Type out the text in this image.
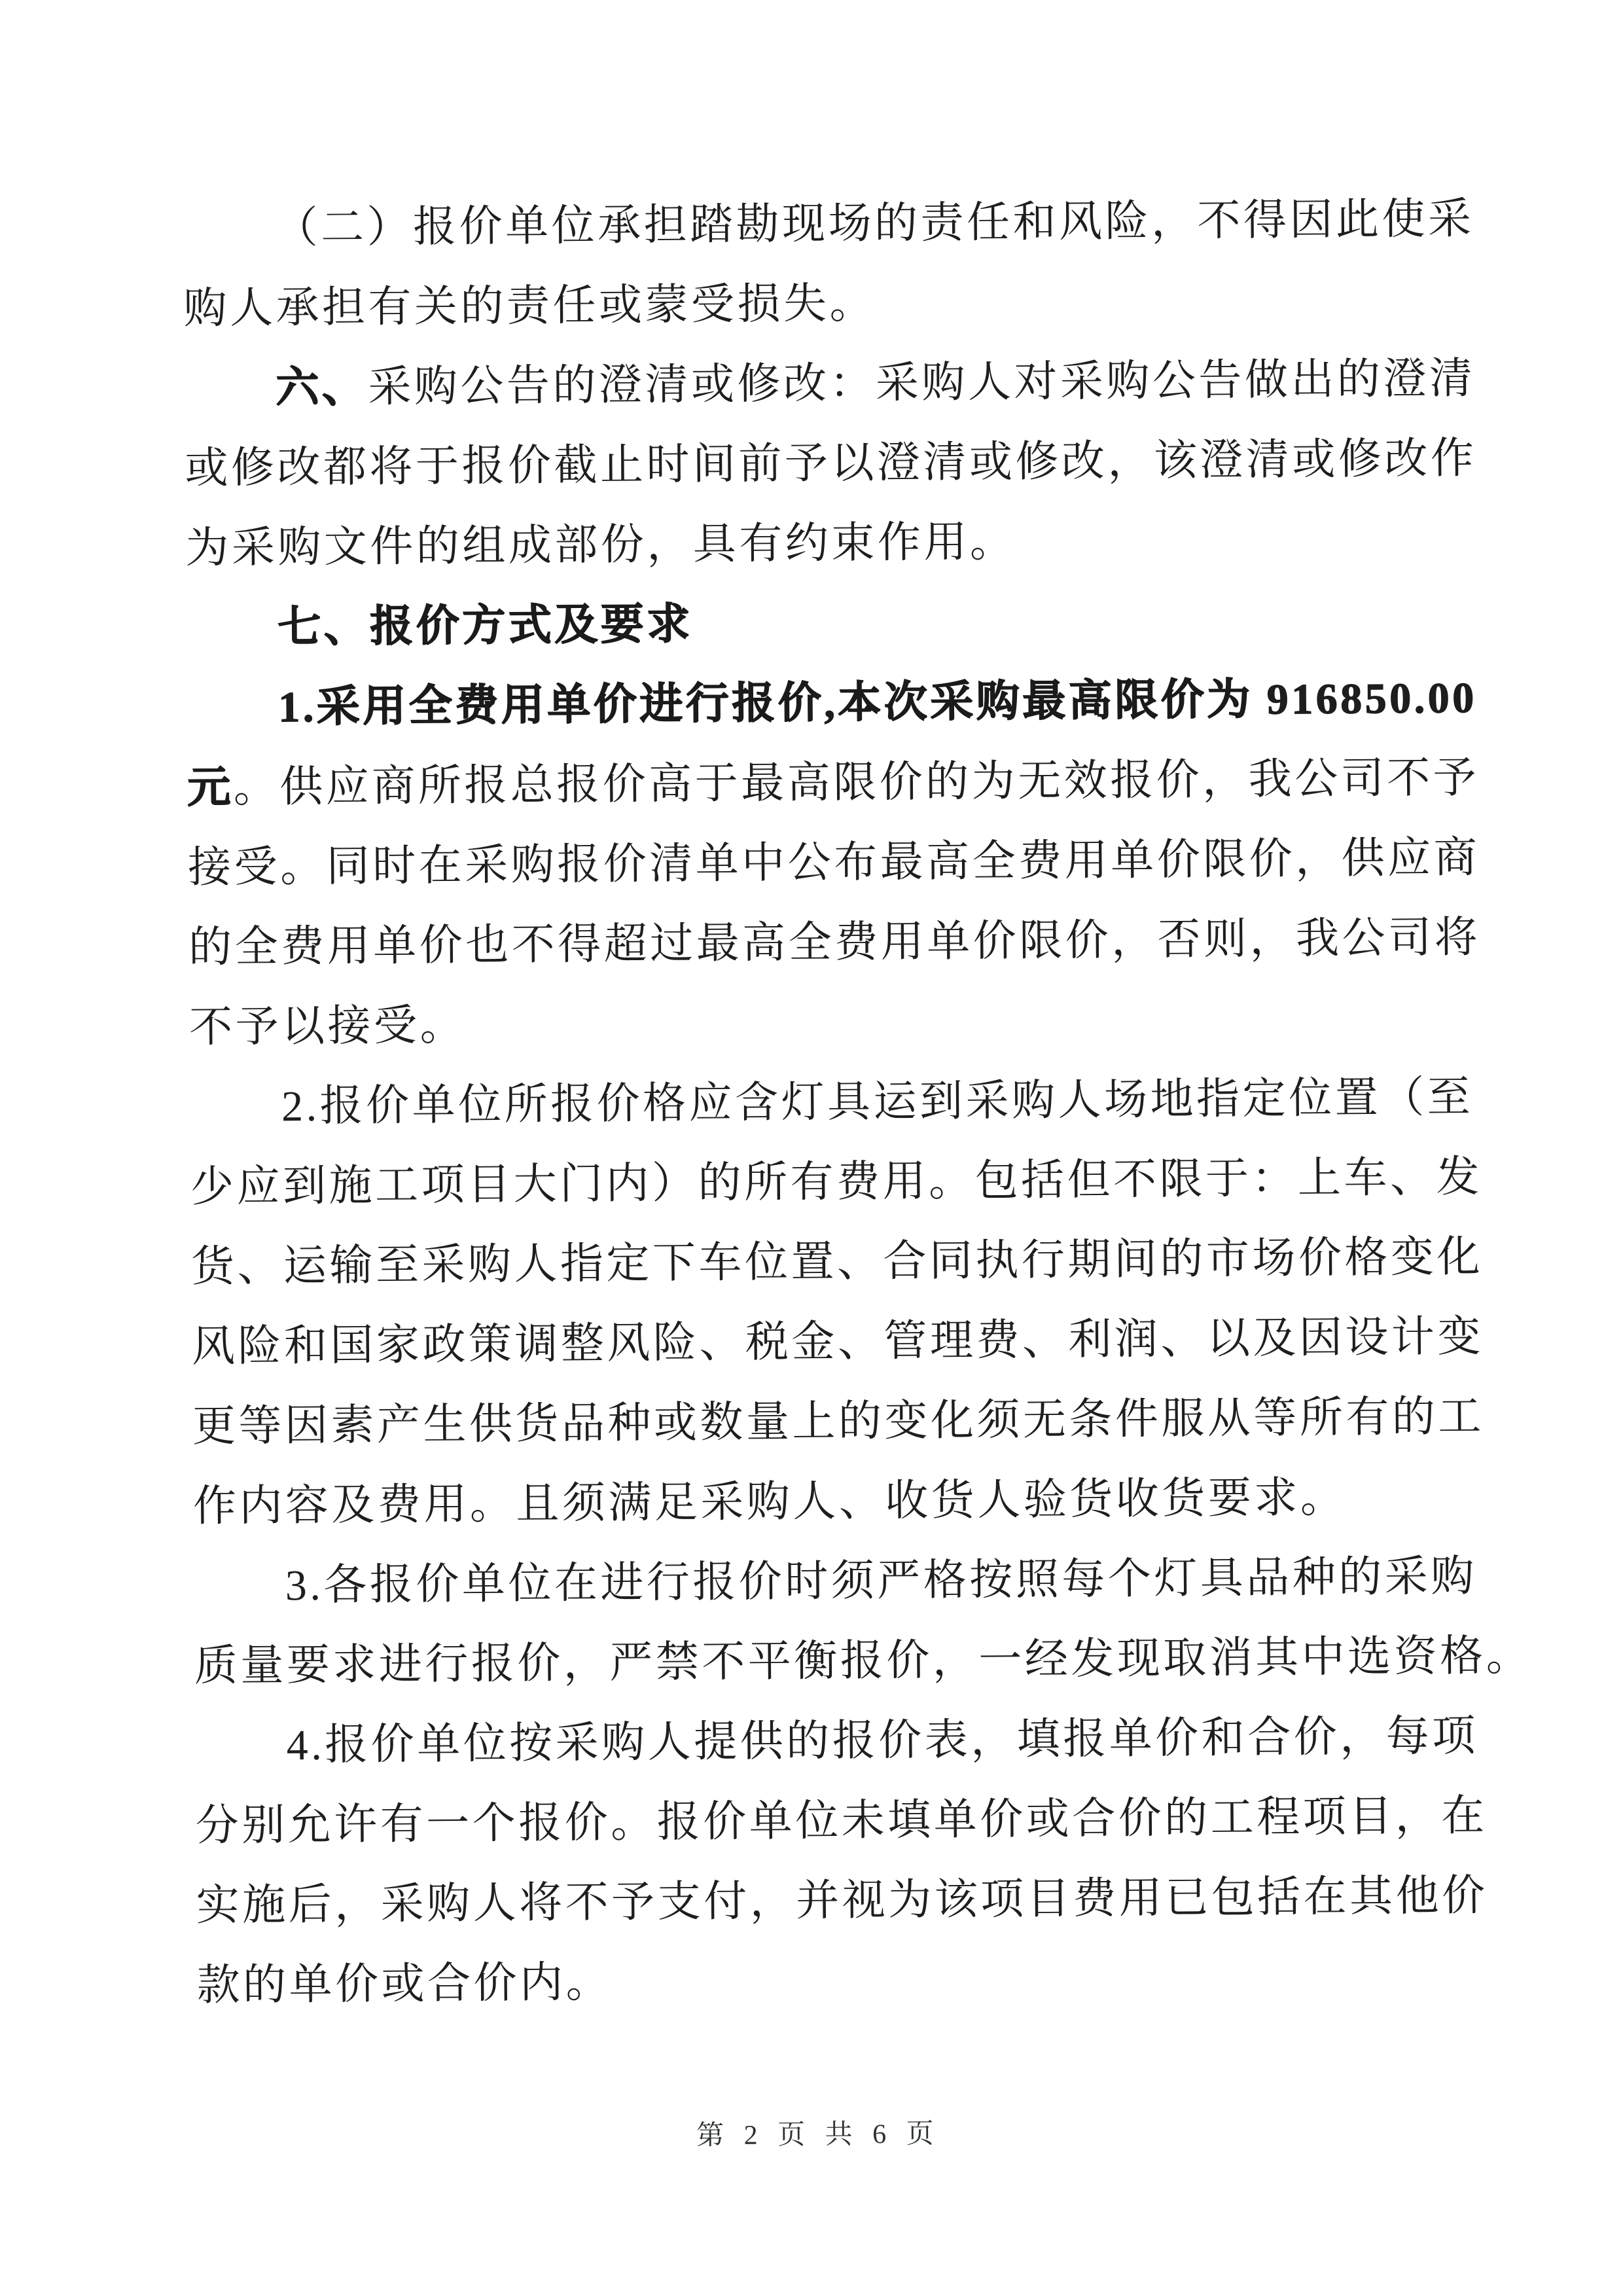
（二）报价单位承担踏勘现场的责任和风险，不得因此使采
购人承担有关的责任或蒙受损失。
六、采购公告的澄清或修改：采购人对采购公告做出的澄清
或修改都将于报价截止时间前予以澄清或修改，该澄清或修改作
为采购文件的组成部份，具有约束作用。
七、报价方式及要求
1.采用全费用单价进行报价,本次采购最高限价为 916850.00
元。供应商所报总报价高于最高限价的为无效报价，我公司不予
接受。同时在采购报价清单中公布最高全费用单价限价，供应商
的全费用单价也不得超过最高全费用单价限价，否则，我公司将
不予以接受。
2.报价单位所报价格应含灯具运到采购人场地指定位置（至
少应到施工项目大门内）的所有费用。包括但不限于：上车、发
货、运输至采购人指定下车位置、合同执行期间的市场价格变化
风险和国家政策调整风险、税金、管理费、利润、以及因设计变
更等因素产生供货品种或数量上的变化须无条件服从等所有的工
作内容及费用。且须满足采购人、收货人验货收货要求。
3.各报价单位在进行报价时须严格按照每个灯具品种的采购
质量要求进行报价，严禁不平衡报价，一经发现取消其中选资格。
4.报价单位按采购人提供的报价表，填报单价和合价，每项
分别允许有一个报价。报价单位未填单价或合价的工程项目，在
实施后，采购人将不予支付，并视为该项目费用已包括在其他价
款的单价或合价内。
第 2 页 共 6 页
